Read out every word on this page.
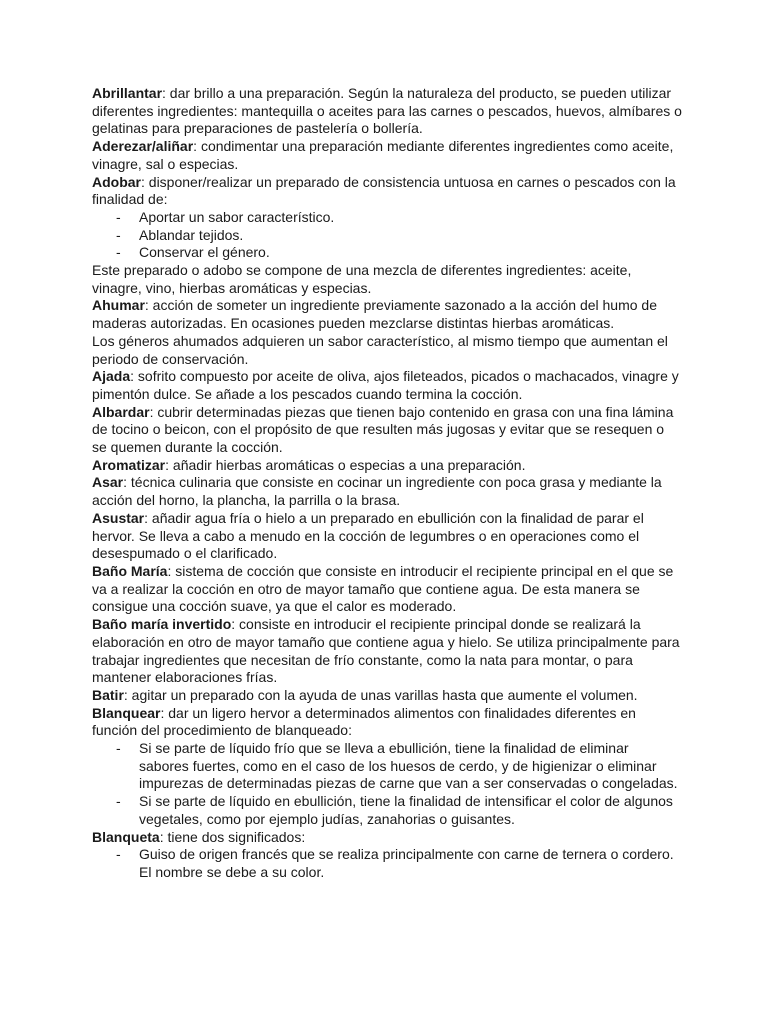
Abrillantar: dar brillo a una preparación. Según la naturaleza del producto, se pueden utilizar diferentes ingredientes: mantequilla o aceites para las carnes o pescados, huevos, almíbares o gelatinas para preparaciones de pastelería o bollería.

Aderezar/aliñar: condimentar una preparación mediante diferentes ingredientes como aceite, vinagre, sal o especias.

Adobar: disponer/realizar un preparado de consistencia untuosa en carnes o pescados con la finalidad de:

- Aportar un sabor característico.
- Ablandar tejidos.
- Conservar el género.

Este preparado o adobo se compone de una mezcla de diferentes ingredientes: aceite, vinagre, vino, hierbas aromáticas y especias.

Ahumar: acción de someter un ingrediente previamente sazonado a la acción del humo de maderas autorizadas. En ocasiones pueden mezclarse distintas hierbas aromáticas.

Los géneros ahumados adquieren un sabor característico, al mismo tiempo que aumentan el periodo de conservación.

Ajada: sofrito compuesto por aceite de oliva, ajos fileteados, picados o machacados, vinagre y pimentón dulce. Se añade a los pescados cuando termina la cocción.

Albardar: cubrir determinadas piezas que tienen bajo contenido en grasa con una fina lámina de tocino o beicon, con el propósito de que resulten más jugosas y evitar que se resequen o se quemen durante la cocción.

Aromatizar: añadir hierbas aromáticas o especias a una preparación.

Asar: técnica culinaria que consiste en cocinar un ingrediente con poca grasa y mediante la acción del horno, la plancha, la parrilla o la brasa.

Asustar: añadir agua fría o hielo a un preparado en ebullición con la finalidad de parar el hervor. Se lleva a cabo a menudo en la cocción de legumbres o en operaciones como el desespumado o el clarificado.

Baño María: sistema de cocción que consiste en introducir el recipiente principal en el que se va a realizar la cocción en otro de mayor tamaño que contiene agua. De esta manera se consigue una cocción suave, ya que el calor es moderado.

Baño maría invertido: consiste en introducir el recipiente principal donde se realizará la elaboración en otro de mayor tamaño que contiene agua y hielo. Se utiliza principalmente para trabajar ingredientes que necesitan de frío constante, como la nata para montar, o para mantener elaboraciones frías.

Batir: agitar un preparado con la ayuda de unas varillas hasta que aumente el volumen.

Blanquear: dar un ligero hervor a determinados alimentos con finalidades diferentes en función del procedimiento de blanqueado:

- Si se parte de líquido frío que se lleva a ebullición, tiene la finalidad de eliminar sabores fuertes, como en el caso de los huesos de cerdo, y de higienizar o eliminar impurezas de determinadas piezas de carne que van a ser conservadas o congeladas.
- Si se parte de líquido en ebullición, tiene la finalidad de intensificar el color de algunos vegetales, como por ejemplo judías, zanahorias o guisantes.

Blanqueta: tiene dos significados:

- Guiso de origen francés que se realiza principalmente con carne de ternera o cordero. El nombre se debe a su color.
